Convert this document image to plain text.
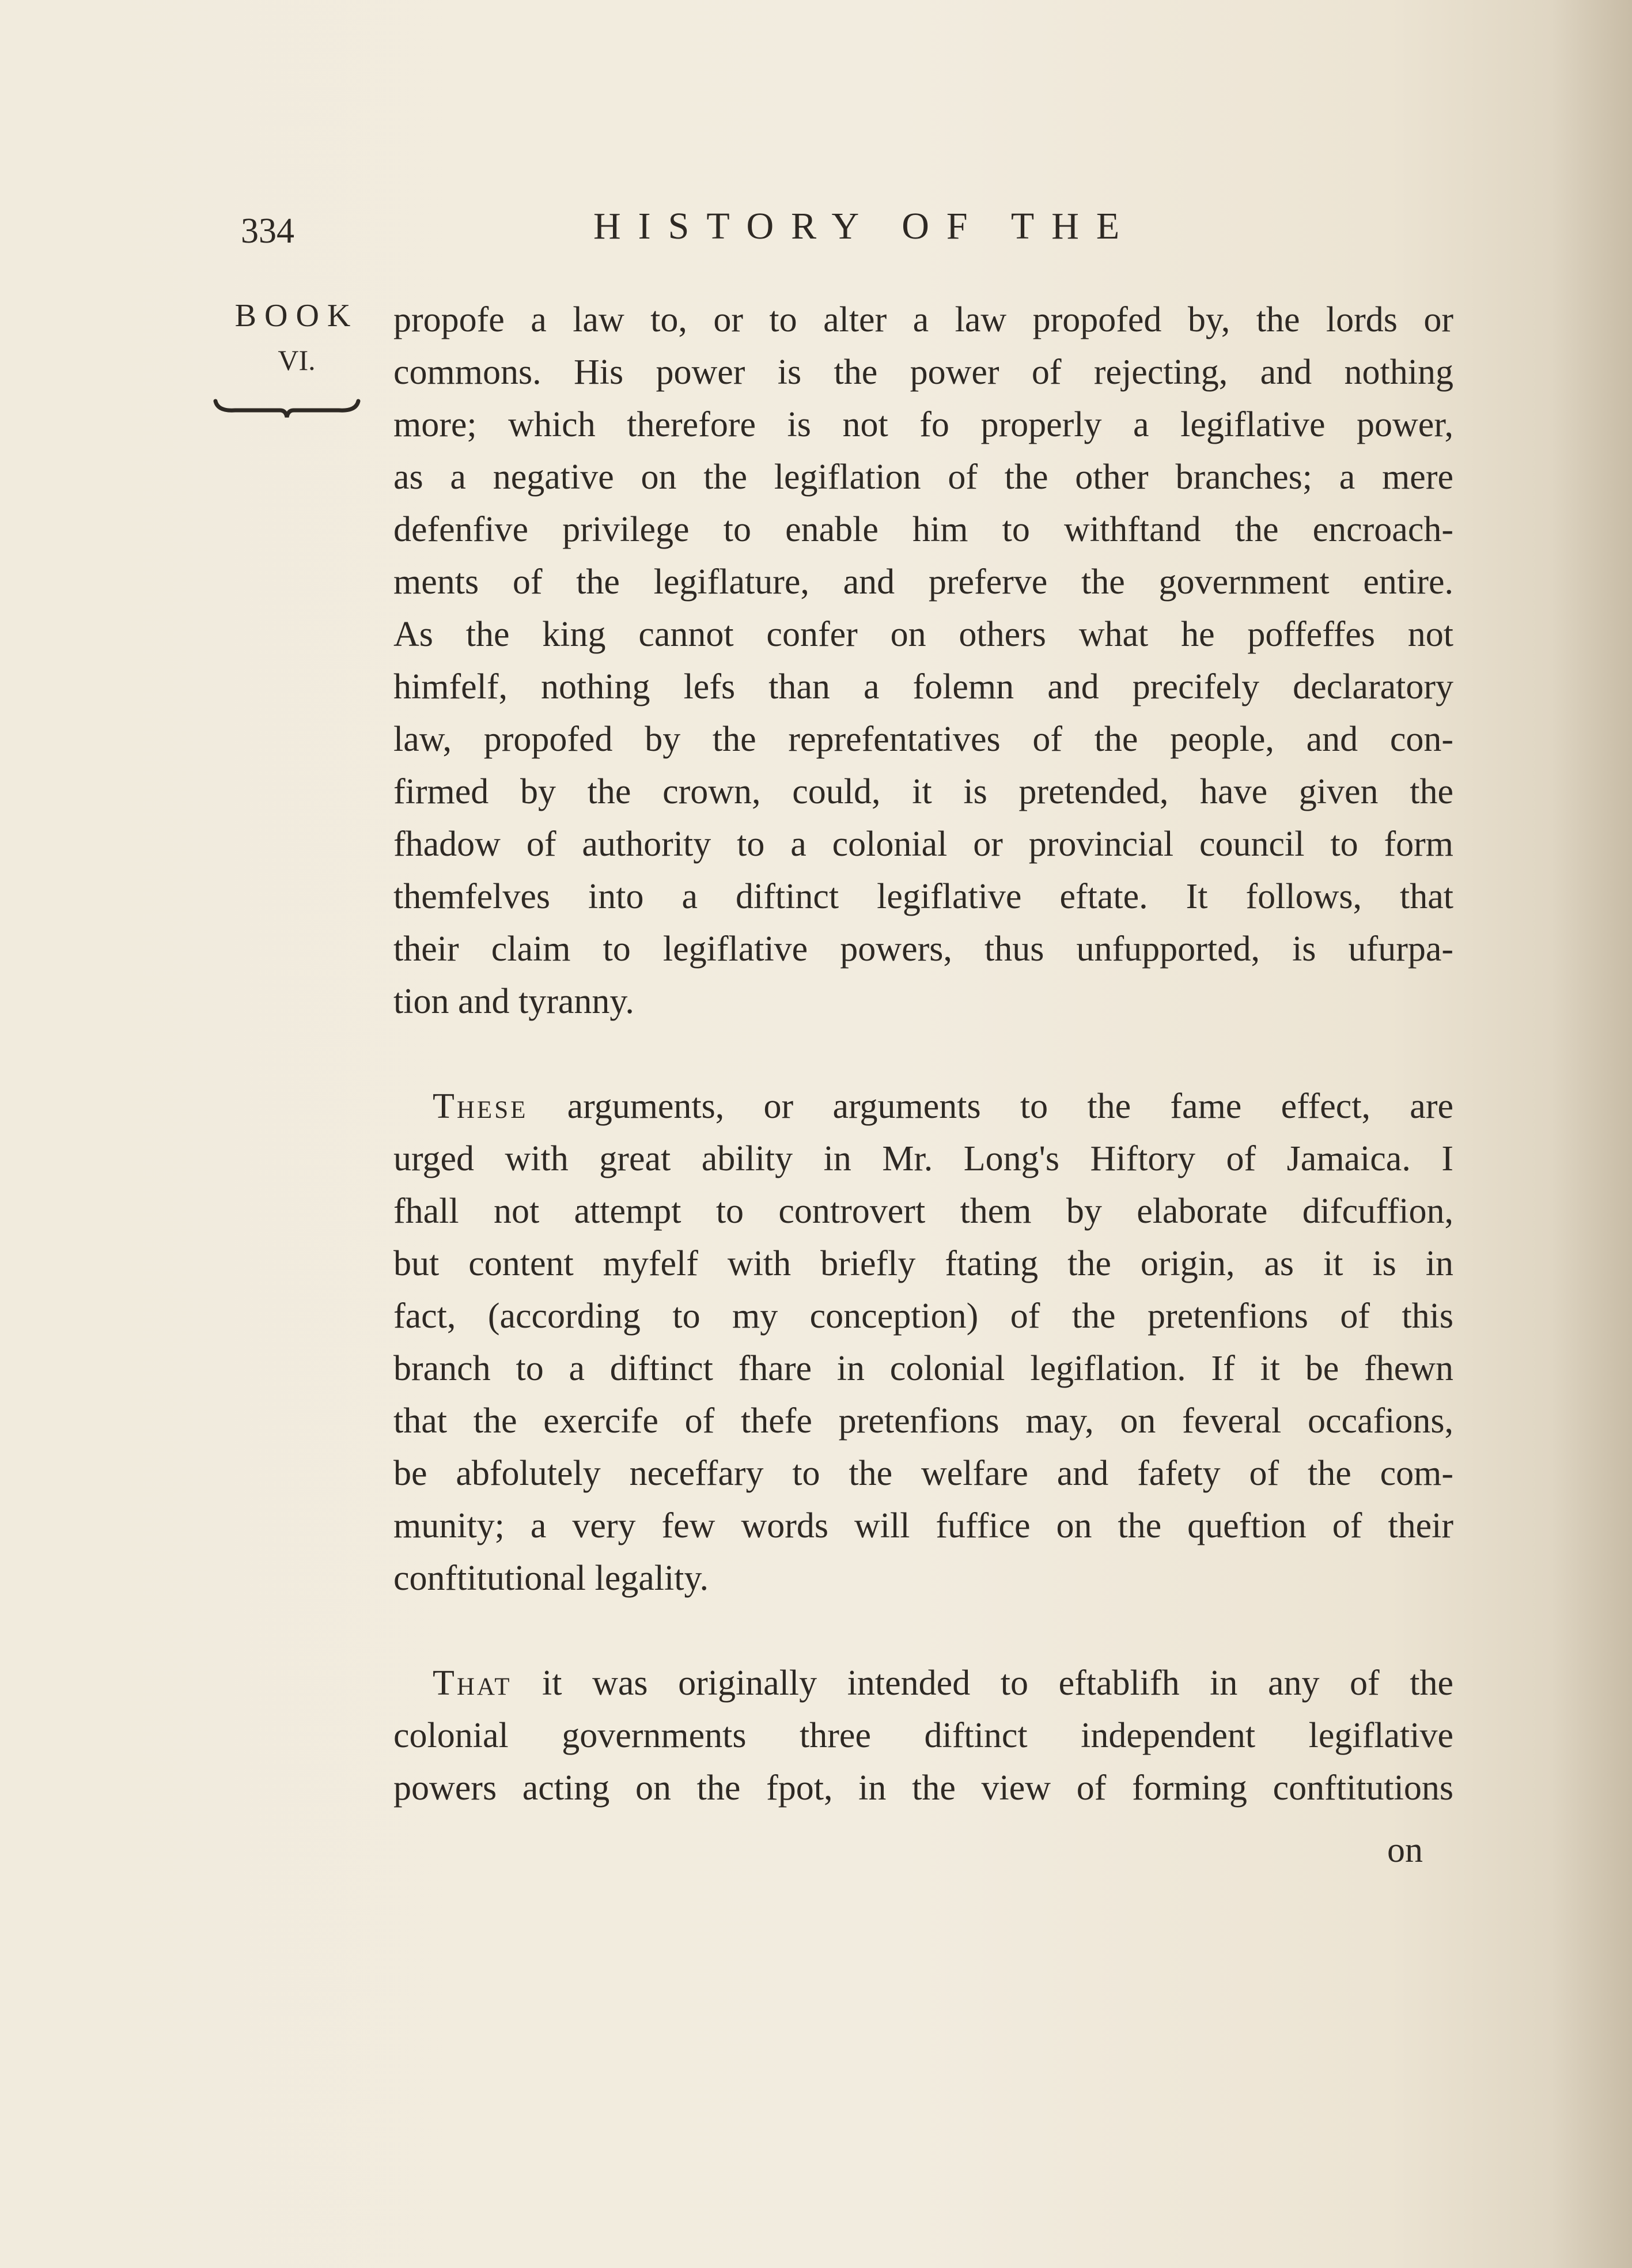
334	HISTORY OF THE
BOOK
VI.
propofe a law to, or to alter a law propofed by, the lords or
commons. His power is the power of rejecting, and nothing
more; which therefore is not fo properly a legiflative power,
as a negative on the legiflation of the other branches; a mere
defenfive privilege to enable him to withftand the encroach-
ments of the legiflature, and preferve the government entire.
As the king cannot confer on others what he poffeffes not
himfelf, nothing lefs than a folemn and precifely declaratory
law, propofed by the reprefentatives of the people, and con-
firmed by the crown, could, it is pretended, have given the
fhadow of authority to a colonial or provincial council to form
themfelves into a diftinct legiflative eftate. It follows, that
their claim to legiflative powers, thus unfupported, is ufurpa-
tion and tyranny.
These arguments, or arguments to the fame effect, are
urged with great ability in Mr. Long's Hiftory of Jamaica. I
fhall not attempt to controvert them by elaborate difcuffion,
but content myfelf with briefly ftating the origin, as it is in
fact, (according to my conception) of the pretenfions of this
branch to a diftinct fhare in colonial legiflation. If it be fhewn
that the exercife of thefe pretenfions may, on feveral occafions,
be abfolutely neceffary to the welfare and fafety of the com-
munity; a very few words will fuffice on the queftion of their
conftitutional legality.
That it was originally intended to eftablifh in any of the
colonial governments three diftinct independent legiflative
powers acting on the fpot, in the view of forming conftitutions
on
